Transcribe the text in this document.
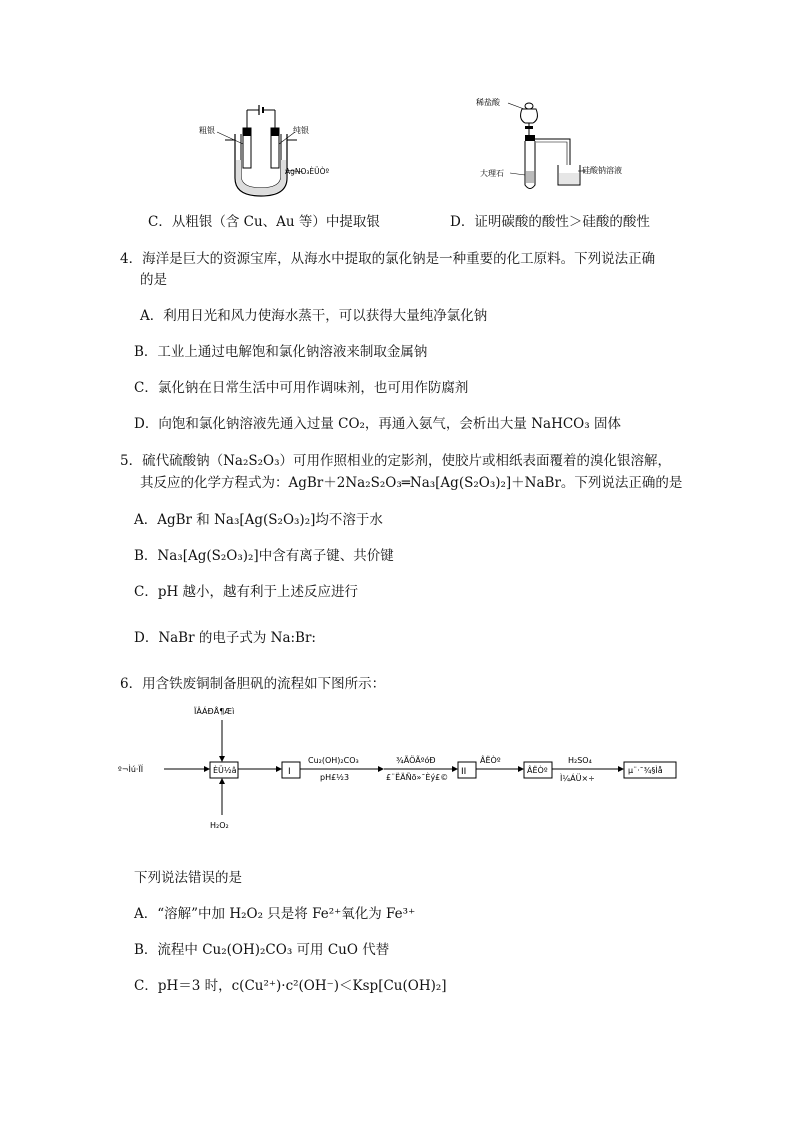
粗银	纯银
AgNO₃ÈÜÒº
稀盐酸
大理石	硅酸钠溶液
C．从粗银（含 Cu、Au 等）中提取银	D．证明碳酸的酸性＞硅酸的酸性
4．海洋是巨大的资源宝库，从海水中提取的氯化钠是一种重要的化工原料。下列说法正确
的是
A．利用日光和风力使海水蒸干，可以获得大量纯净氯化钠
B．工业上通过电解饱和氯化钠溶液来制取金属钠
C．氯化钠在日常生活中可用作调味剂，也可用作防腐剂
D．向饱和氯化钠溶液先通入过量 CO₂，再通入氨气，会析出大量 NaHCO₃ 固体
5．硫代硫酸钠（Na₂S₂O₃）可用作照相业的定影剂，使胶片或相纸表面覆着的溴化银溶解，
其反应的化学方程式为：AgBr＋2Na₂S₂O₃═Na₃[Ag(S₂O₃)₂]＋NaBr。下列说法正确的是
A．AgBr 和 Na₃[Ag(S₂O₃)₂]均不溶于水
B．Na₃[Ag(S₂O₃)₂]中含有离子键、共价键
C．pH 越小，越有利于上述反应进行
D．NaBr 的电子式为 Na:Br:
6．用含铁废铜制备胆矾的流程如下图所示：
ÏÂÁÐÅ¶Æì
º¬Ìú·ÏÍ	ÈÜ½â
H₂O₂
I
Cu₂(OH)₂CO₃
pH£½3
¾ÃÖÃºóÐ
£¨ËÄÑõ»¯Èý£©
II
ÂËÒº
ÂËÒº
H₂SO₄
Ì¼ÁÜ×÷
µ¨·¯¾§Ìå
下列说法错误的是
A．“溶解”中加 H₂O₂ 只是将 Fe²⁺氧化为 Fe³⁺
B．流程中 Cu₂(OH)₂CO₃ 可用 CuO 代替
C．pH＝3 时，c(Cu²⁺)·c²(OH⁻)＜Ksp[Cu(OH)₂]
